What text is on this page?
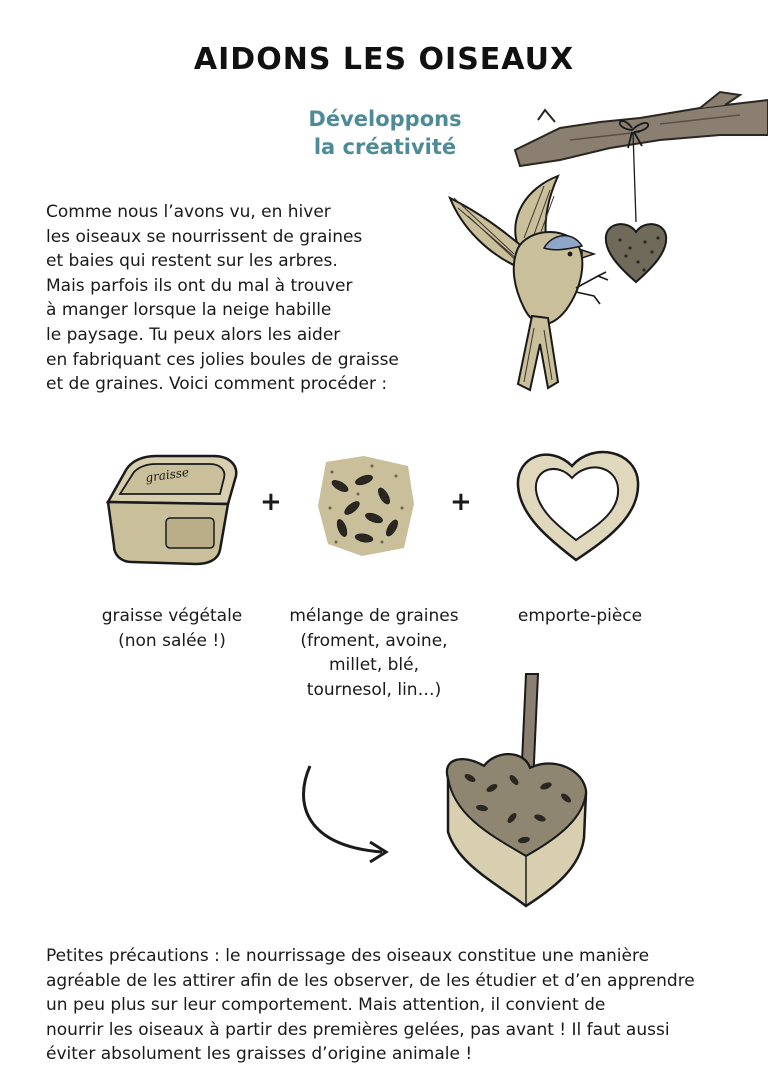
AIDONS LES OISEAUX
Développons
la créativité
Comme nous l’avons vu, en hiver
les oiseaux se nourrissent de graines
et baies qui restent sur les arbres.
Mais parfois ils ont du mal à trouver
à manger lorsque la neige habille
le paysage. Tu peux alors les aider
en fabriquant ces jolies boules de graisse
et de graines. Voici comment procéder :
graisse
+	+
graisse végétale
(non salée !)
mélange de graines
(froment, avoine,
millet, blé,
tournesol, lin…)
emporte-pièce
Petites précautions : le nourrissage des oiseaux constitue une manière
agréable de les attirer afin de les observer, de les étudier et d’en apprendre
un peu plus sur leur comportement. Mais attention, il convient de
nourrir les oiseaux à partir des premières gelées, pas avant ! Il faut aussi
éviter absolument les graisses d’origine animale !
